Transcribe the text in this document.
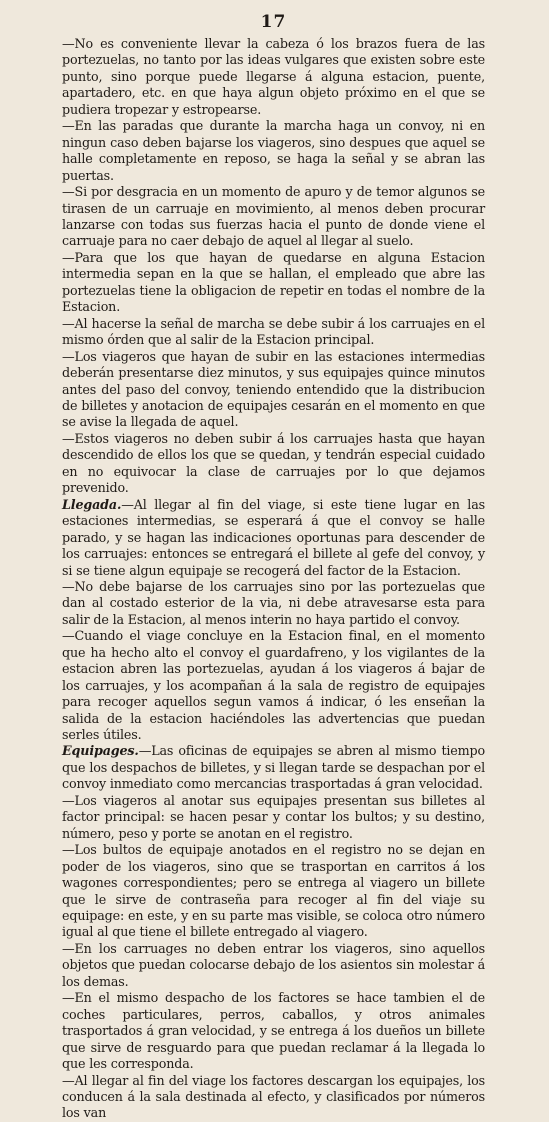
17

—No es conveniente llevar la cabeza ó los brazos fuera de las portezuelas, no tanto por las ideas vulgares que existen sobre este punto, sino porque puede llegarse á alguna estacion, puente, apartadero, etc. en que haya algun objeto próximo en el que se pudiera tropezar y estropearse.

—En las paradas que durante la marcha haga un convoy, ni en ningun caso deben bajarse los viageros, sino despues que aquel se halle completamente en reposo, se haga la señal y se abran las puertas.

—Si por desgracia en un momento de apuro y de temor algunos se tirasen de un carruaje en movimiento, al menos deben procurar lanzarse con todas sus fuerzas hacia el punto de donde viene el carruaje para no caer debajo de aquel al llegar al suelo.

—Para que los que hayan de quedarse en alguna Estacion intermedia sepan en la que se hallan, el empleado que abre las portezuelas tiene la obligacion de repetir en todas el nombre de la Estacion.

—Al hacerse la señal de marcha se debe subir á los carruajes en el mismo órden que al salir de la Estacion principal.

—Los viageros que hayan de subir en las estaciones intermedias deberán presentarse diez minutos, y sus equipajes quince minutos antes del paso del convoy, teniendo entendido que la distribucion de billetes y anotacion de equipajes cesarán en el momento en que se avise la llegada de aquel.

—Estos viageros no deben subir á los carruajes hasta que hayan descendido de ellos los que se quedan, y tendrán especial cuidado en no equivocar la clase de carruajes por lo que dejamos prevenido.

Llegada.—Al llegar al fin del viage, si este tiene lugar en las estaciones intermedias, se esperará á que el convoy se halle parado, y se hagan las indicaciones oportunas para descender de los carruajes: entonces se entregará el billete al gefe del convoy, y si se tiene algun equipaje se recogerá del factor de la Estacion.

—No debe bajarse de los carruajes sino por las portezuelas que dan al costado esterior de la via, ni debe atravesarse esta para salir de la Estacion, al menos interin no haya partido el convoy.

—Cuando el viage concluye en la Estacion final, en el momento que ha hecho alto el convoy el guardafreno, y los vigilantes de la estacion abren las portezuelas, ayudan á los viageros á bajar de los carruajes, y los acompañan á la sala de registro de equipajes para recoger aquellos segun vamos á indicar, ó les enseñan la salida de la estacion haciéndoles las advertencias que puedan serles útiles.

Equipages.—Las oficinas de equipajes se abren al mismo tiempo que los despachos de billetes, y si llegan tarde se despachan por el convoy inmediato como mercancias trasportadas á gran velocidad.

—Los viageros al anotar sus equipajes presentan sus billetes al factor principal: se hacen pesar y contar los bultos; y su destino, número, peso y porte se anotan en el registro.

—Los bultos de equipaje anotados en el registro no se dejan en poder de los viageros, sino que se trasportan en carritos á los wagones correspondientes; pero se entrega al viagero un billete que le sirve de contraseña para recoger al fin del viaje su equipage: en este, y en su parte mas visible, se coloca otro número igual al que tiene el billete entregado al viagero.

—En los carruages no deben entrar los viageros, sino aquellos objetos que puedan colocarse debajo de los asientos sin molestar á los demas.

—En el mismo despacho de los factores se hace tambien el de coches particulares, perros, caballos, y otros animales trasportados á gran velocidad, y se entrega á los dueños un billete que sirve de resguardo para que puedan reclamar á la llegada lo que les corresponda.

—Al llegar al fin del viage los factores descargan los equipajes, los conducen á la sala destinada al efecto, y clasificados por números los van
